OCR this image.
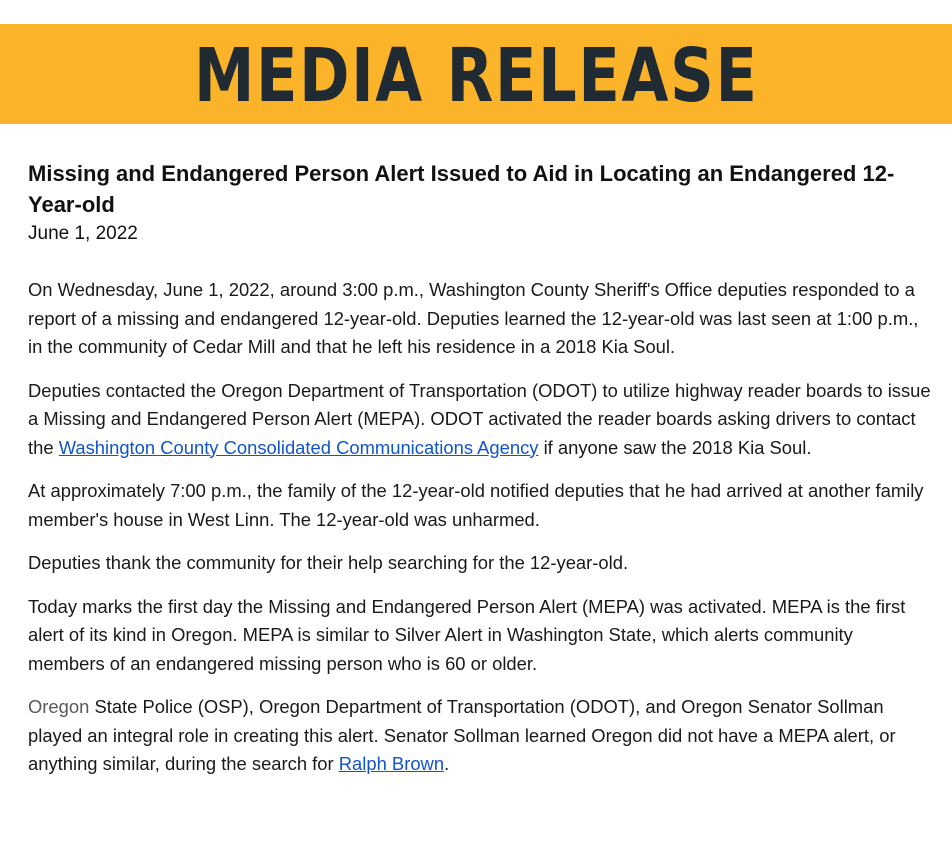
MEDIA RELEASE
Missing and Endangered Person Alert Issued to Aid in Locating an Endangered 12-Year-old
June 1, 2022

On Wednesday, June 1, 2022, around 3:00 p.m., Washington County Sheriff's Office deputies responded to a report of a missing and endangered 12-year-old. Deputies learned the 12-year-old was last seen at 1:00 p.m., in the community of Cedar Mill and that he left his residence in a 2018 Kia Soul.

Deputies contacted the Oregon Department of Transportation (ODOT) to utilize highway reader boards to issue a Missing and Endangered Person Alert (MEPA). ODOT activated the reader boards asking drivers to contact the Washington County Consolidated Communications Agency if anyone saw the 2018 Kia Soul.

At approximately 7:00 p.m., the family of the 12-year-old notified deputies that he had arrived at another family member's house in West Linn. The 12-year-old was unharmed.

Deputies thank the community for their help searching for the 12-year-old.

Today marks the first day the Missing and Endangered Person Alert (MEPA) was activated. MEPA is the first alert of its kind in Oregon. MEPA is similar to Silver Alert in Washington State, which alerts community members of an endangered missing person who is 60 or older.

Oregon State Police (OSP), Oregon Department of Transportation (ODOT), and Oregon Senator Sollman played an integral role in creating this alert. Senator Sollman learned Oregon did not have a MEPA alert, or anything similar, during the search for Ralph Brown.
